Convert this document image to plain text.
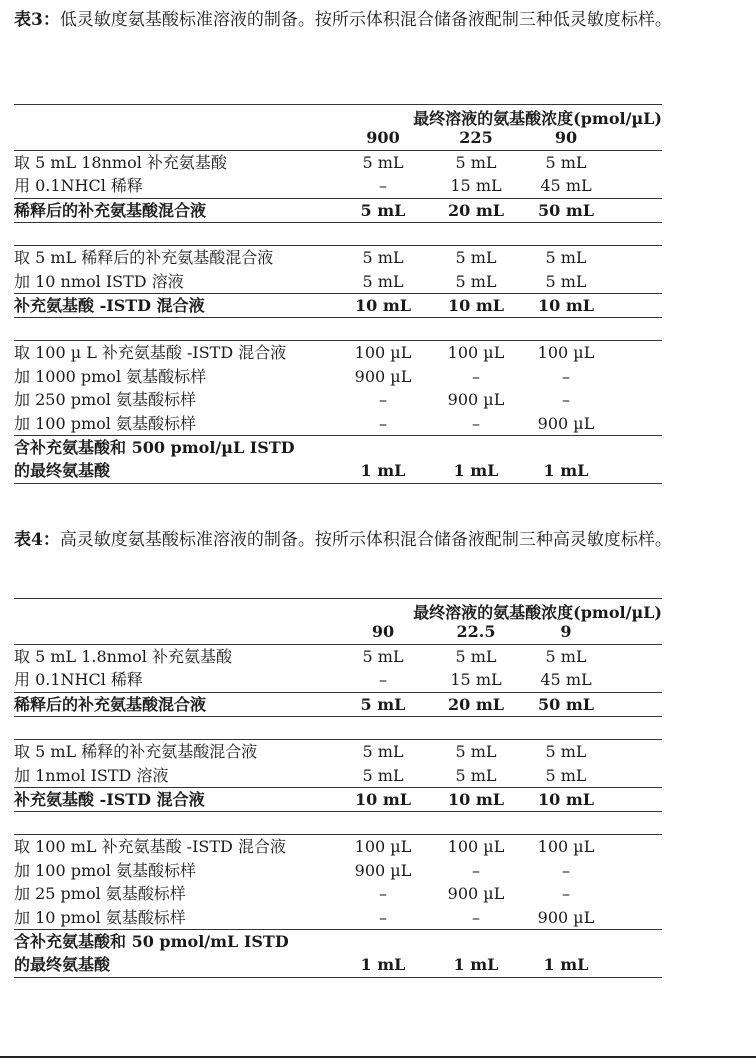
表3：低灵敏度氨基酸标准溶液的制备。按所示体积混合储备液配制三种低灵敏度标样。
最终溶液的氨基酸浓度(pmol/µL)
900	225	90
取 5 mL 18nmol 补充氨基酸	5 mL	5 mL	5 mL
用 0.1NHCl 稀释	–	15 mL	45 mL
稀释后的补充氨基酸混合液	5 mL	20 mL	50 mL
取 5 mL 稀释后的补充氨基酸混合液	5 mL	5 mL	5 mL
加 10 nmol ISTD 溶液	5 mL	5 mL	5 mL
补充氨基酸 -ISTD 混合液	10 mL	10 mL	10 mL
取 100 µ L 补充氨基酸 -ISTD 混合液	100 µL	100 µL	100 µL
加 1000 pmol 氨基酸标样	900 µL	–	–
加 250 pmol 氨基酸标样	–	900 µL	–
加 100 pmol 氨基酸标样	–	–	900 µL
含补充氨基酸和 500 pmol/µL ISTD
的最终氨基酸	1 mL	1 mL	1 mL
表4：高灵敏度氨基酸标准溶液的制备。按所示体积混合储备液配制三种高灵敏度标样。
最终溶液的氨基酸浓度(pmol/µL)
90	22.5	9
取 5 mL 1.8nmol 补充氨基酸	5 mL	5 mL	5 mL
用 0.1NHCl 稀释	–	15 mL	45 mL
稀释后的补充氨基酸混合液	5 mL	20 mL	50 mL
取 5 mL 稀释的补充氨基酸混合液	5 mL	5 mL	5 mL
加 1nmol ISTD 溶液	5 mL	5 mL	5 mL
补充氨基酸 -ISTD 混合液	10 mL	10 mL	10 mL
取 100 mL 补充氨基酸 -ISTD 混合液	100 µL	100 µL	100 µL
加 100 pmol 氨基酸标样	900 µL	–	–
加 25 pmol 氨基酸标样	–	900 µL	–
加 10 pmol 氨基酸标样	–	–	900 µL
含补充氨基酸和 50 pmol/mL ISTD
的最终氨基酸	1 mL	1 mL	1 mL
